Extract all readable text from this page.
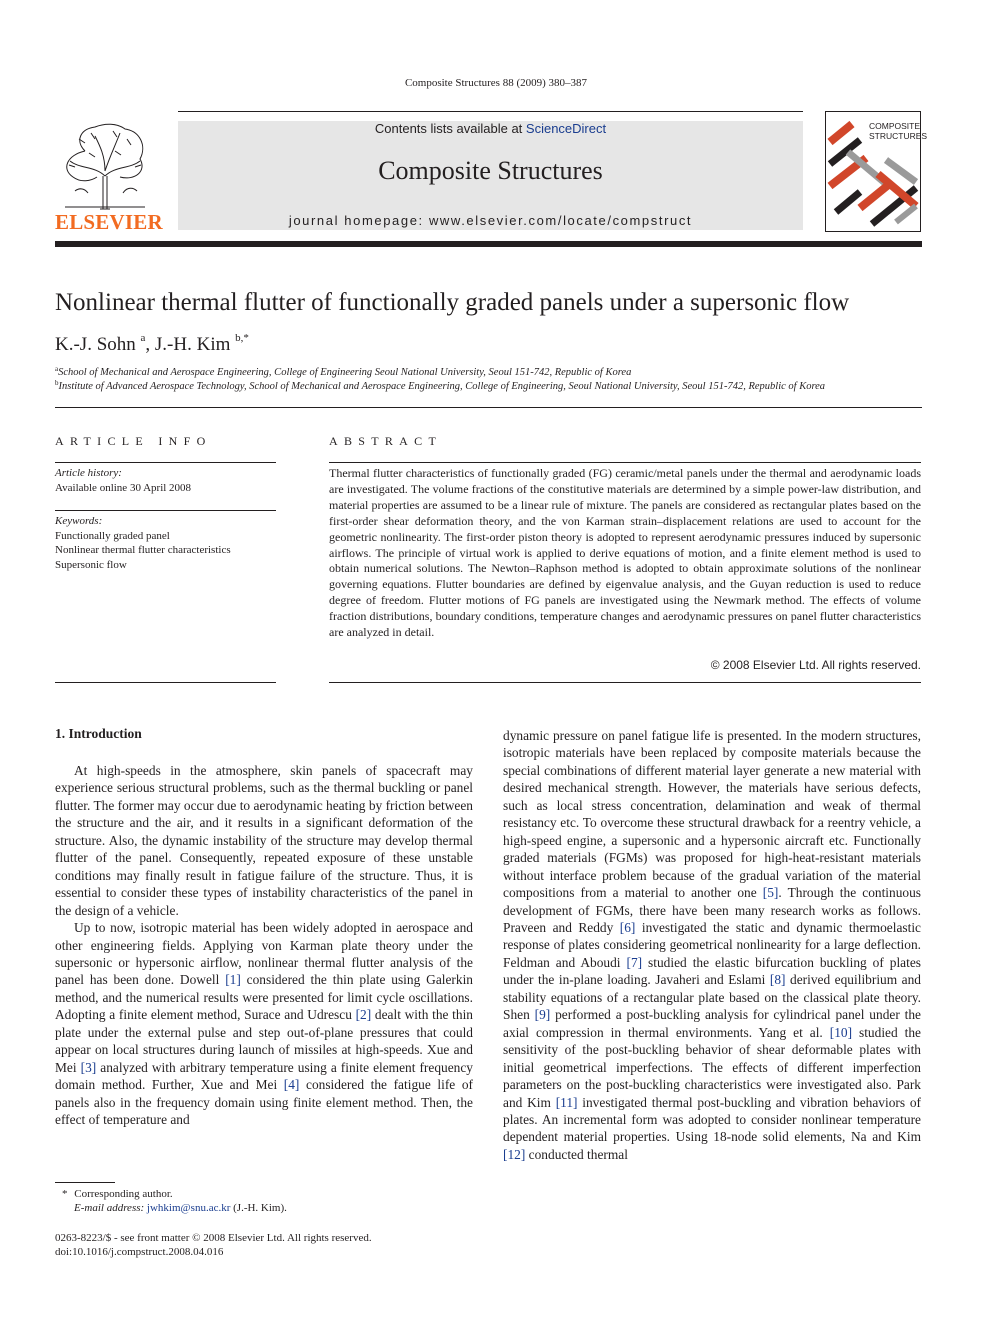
Composite Structures 88 (2009) 380–387
ELSEVIER
Contents lists available at ScienceDirect
Composite Structures
journal homepage: www.elsevier.com/locate/compstruct
COMPOSITE
STRUCTURES
Nonlinear thermal flutter of functionally graded panels under a supersonic flow
K.-J. Sohn $^a$, J.-H. Kim $^{b,*}$
$^a$School of Mechanical and Aerospace Engineering, College of Engineering Seoul National University, Seoul 151-742, Republic of Korea
$^b$Institute of Advanced Aerospace Technology, School of Mechanical and Aerospace Engineering, College of Engineering, Seoul National University, Seoul 151-742, Republic of Korea
ARTICLE INFO
Article history:
Available online 30 April 2008
Keywords:
Functionally graded panel
Nonlinear thermal flutter characteristics
Supersonic flow
ABSTRACT
Thermal flutter characteristics of functionally graded (FG) ceramic/metal panels under the thermal and aerodynamic loads are investigated. The volume fractions of the constitutive materials are determined by a simple power-law distribution, and material properties are assumed to be a linear rule of mixture. The panels are considered as rectangular plates based on the first-order shear deformation theory, and the von Karman strain–displacement relations are used to account for the geometric nonlinearity. The first-order piston theory is adopted to represent aerodynamic pressures induced by supersonic airflows. The principle of virtual work is applied to derive equations of motion, and a finite element method is used to obtain numerical solutions. The Newton–Raphson method is adopted to obtain approximate solutions of the nonlinear governing equations. Flutter boundaries are defined by eigenvalue analysis, and the Guyan reduction is used to reduce degree of freedom. Flutter motions of FG panels are investigated using the Newmark method. The effects of volume fraction distributions, boundary conditions, temperature changes and aerodynamic pressures on panel flutter characteristics are analyzed in detail.
© 2008 Elsevier Ltd. All rights reserved.
1. Introduction

At high-speeds in the atmosphere, skin panels of spacecraft may experience serious structural problems, such as the thermal buckling or panel flutter. The former may occur due to aerodynamic heating by friction between the structure and the air, and it results in a significant deformation of the structure. Also, the dynamic instability of the structure may develop thermal flutter of the panel. Consequently, repeated exposure of these unstable conditions may finally result in fatigue failure of the structure. Thus, it is essential to consider these types of instability characteristics of the panel in the design of a vehicle.

Up to now, isotropic material has been widely adopted in aerospace and other engineering fields. Applying von Karman plate theory under the supersonic or hypersonic airflow, nonlinear thermal flutter analysis of the panel has been done. Dowell [1] considered the thin plate using Galerkin method, and the numerical results were presented for limit cycle oscillations. Adopting a finite element method, Surace and Udrescu [2] dealt with the thin plate under the external pulse and step out-of-plane pressures that could appear on local structures during launch of missiles at high-speeds. Xue and Mei [3] analyzed with arbitrary temperature using a finite element frequency domain method. Further, Xue and Mei [4] considered the fatigue life of panels also in the frequency domain using finite element method. Then, the effect of temperature and

dynamic pressure on panel fatigue life is presented. In the modern structures, isotropic materials have been replaced by composite materials because the special combinations of different material layer generate a new material with desired mechanical strength. However, the materials have serious defects, such as local stress concentration, delamination and weak of thermal resistancy etc. To overcome these structural drawback for a reentry vehicle, a high-speed engine, a supersonic and a hypersonic aircraft etc. Functionally graded materials (FGMs) was proposed for high-heat-resistant materials without interface problem because of the gradual variation of the material compositions from a material to another one [5]. Through the continuous development of FGMs, there have been many research works as follows. Praveen and Reddy [6] investigated the static and dynamic thermoelastic response of plates considering geometrical nonlinearity for a large deflection. Feldman and Aboudi [7] studied the elastic bifurcation buckling of plates under the in-plane loading. Javaheri and Eslami [8] derived equilibrium and stability equations of a rectangular plate based on the classical plate theory. Shen [9] performed a post-buckling analysis for cylindrical panel under the axial compression in thermal environments. Yang et al. [10] studied the sensitivity of the post-buckling behavior of shear deformable plates with initial geometrical imperfections. The effects of different imperfection parameters on the post-buckling characteristics were investigated also. Park and Kim [11] investigated thermal post-buckling and vibration behaviors of plates. An incremental form was adopted to consider nonlinear temperature dependent material properties. Using 18-node solid elements, Na and Kim [12] conducted thermal

* Corresponding author.
E-mail address: jwhkim@snu.ac.kr (J.-H. Kim).
0263-8223/$ - see front matter © 2008 Elsevier Ltd. All rights reserved.
doi:10.1016/j.compstruct.2008.04.016
